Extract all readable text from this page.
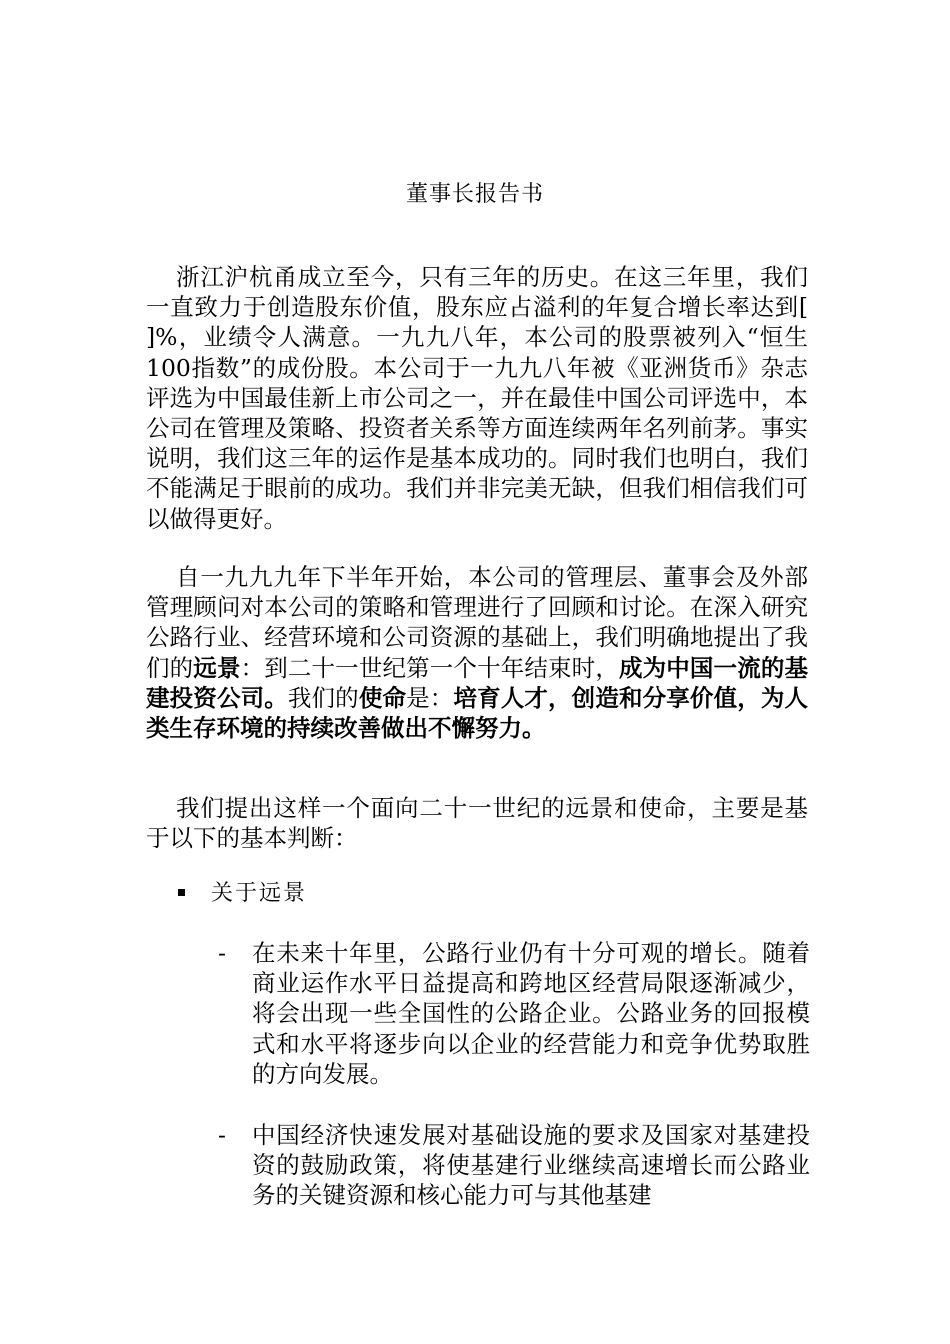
董事长报告书

浙江沪杭甬成立至今，只有三年的历史。在这三年里，我们一直致力于创造股东价值，股东应占溢利的年复合增长率达到[ ]%，业绩令人满意。一九九八年，本公司的股票被列入“恒生100指数”的成份股。本公司于一九九八年被《亚洲货币》杂志评选为中国最佳新上市公司之一，并在最佳中国公司评选中，本公司在管理及策略、投资者关系等方面连续两年名列前茅。事实说明，我们这三年的运作是基本成功的。同时我们也明白，我们不能满足于眼前的成功。我们并非完美无缺，但我们相信我们可以做得更好。

自一九九九年下半年开始，本公司的管理层、董事会及外部管理顾问对本公司的策略和管理进行了回顾和讨论。在深入研究公路行业、经营环境和公司资源的基础上，我们明确地提出了我们的远景：到二十一世纪第一个十年结束时，成为中国一流的基建投资公司。我们的使命是：培育人才，创造和分享价值，为人类生存环境的持续改善做出不懈努力。

我们提出这样一个面向二十一世纪的远景和使命，主要是基于以下的基本判断：

关于远景
-	在未来十年里，公路行业仍有十分可观的增长。随着商业运作水平日益提高和跨地区经营局限逐渐减少，将会出现一些全国性的公路企业。公路业务的回报模式和水平将逐步向以企业的经营能力和竞争优势取胜的方向发展。
-	中国经济快速发展对基础设施的要求及国家对基建投资的鼓励政策，将使基建行业继续高速增长而公路业务的关键资源和核心能力可与其他基建
